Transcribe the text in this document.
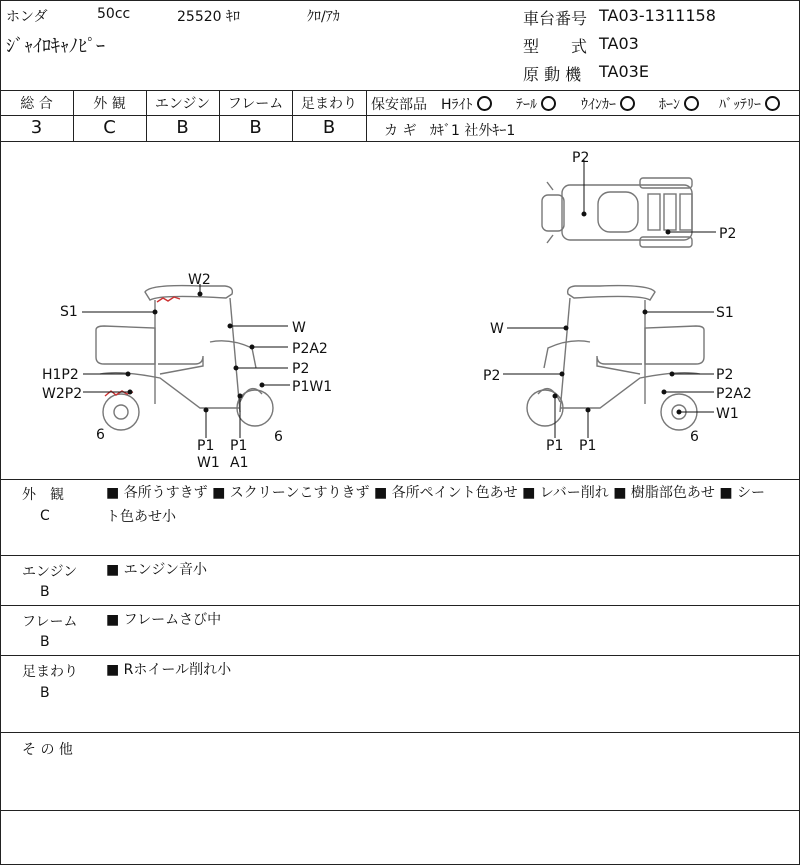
ホンダ	50cc	25520 ｷﾛ	ｸﾛ/ｱｶ
ｼﾞｬｲﾛｷｬﾉﾋﾟｰ
車台番号 TA03-1311158
型　　式 TA03
原 動 機 TA03E
総 合	外 観	エンジン	フレーム	足まわり
3	C	B	B	B
保安部品 Hﾗｲﾄ	ﾃｰﾙ	ｳｲﾝｶｰ	ﾎｰﾝ	ﾊﾞｯﾃﾘｰ
カ ギ ｶｷﾞ1 社外ｷｰ1
P2
P2
W2
S1
W
P2A2
P2
H1P2
P1W1
W2P2
6	6
P1 P1
W1 A1
S1
W
P2	P2
P2A2
W1
6
P1 P1
外　観
C
■ 各所うすきず ■ スクリーンこすりきず ■ 各所ペイント色あせ ■ レバー削れ ■ 樹脂部色あせ ■ シー
ト色あせ小
エンジン
B
■ エンジン音小
フレーム
B
■ フレームさび中
足まわり
B
■ Rホイール削れ小
そ の 他
